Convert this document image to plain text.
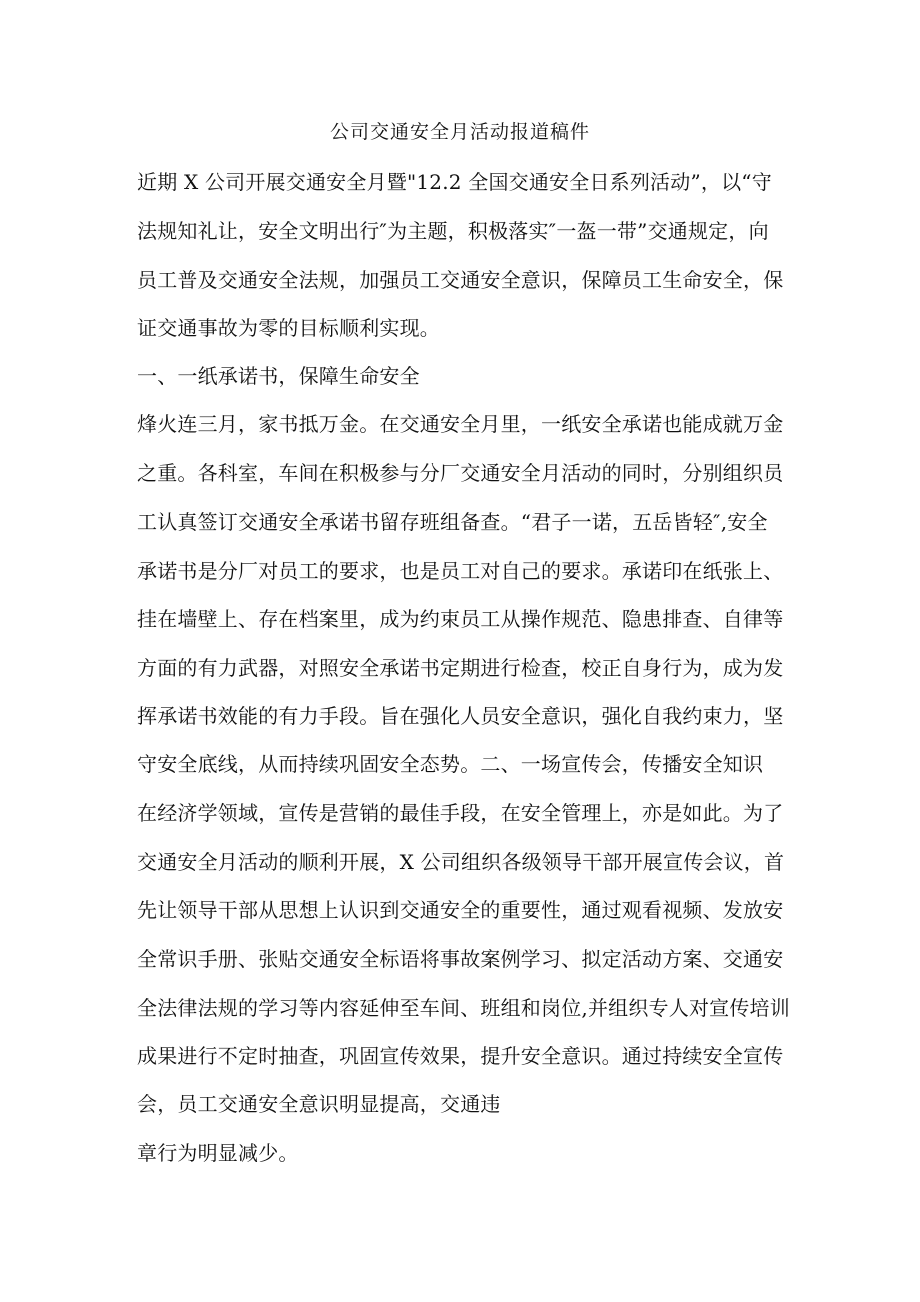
公司交通安全月活动报道稿件
近期 X 公司开展交通安全月暨"12.2 全国交通安全日系列活动”，以“守
法规知礼让，安全文明出行″为主题，积极落实″一盔一带”交通规定，向
员工普及交通安全法规，加强员工交通安全意识，保障员工生命安全，保
证交通事故为零的目标顺利实现。
一、一纸承诺书，保障生命安全
烽火连三月，家书抵万金。在交通安全月里，一纸安全承诺也能成就万金
之重。各科室，车间在积极参与分厂交通安全月活动的同时，分别组织员
工认真签订交通安全承诺书留存班组备查。“君子一诺，五岳皆轻″,安全
承诺书是分厂对员工的要求，也是员工对自己的要求。承诺印在纸张上、
挂在墙壁上、存在档案里，成为约束员工从操作规范、隐患排查、自律等
方面的有力武器，对照安全承诺书定期进行检查，校正自身行为，成为发
挥承诺书效能的有力手段。旨在强化人员安全意识，强化自我约束力，坚
守安全底线，从而持续巩固安全态势。二、一场宣传会，传播安全知识
在经济学领域，宣传是营销的最佳手段，在安全管理上，亦是如此。为了
交通安全月活动的顺利开展，X 公司组织各级领导干部开展宣传会议，首
先让领导干部从思想上认识到交通安全的重要性，通过观看视频、发放安
全常识手册、张贴交通安全标语将事故案例学习、拟定活动方案、交通安
全法律法规的学习等内容延伸至车间、班组和岗位,并组织专人对宣传培训
成果进行不定时抽查，巩固宣传效果，提升安全意识。通过持续安全宣传
会，员工交通安全意识明显提高，交通违
章行为明显减少。
